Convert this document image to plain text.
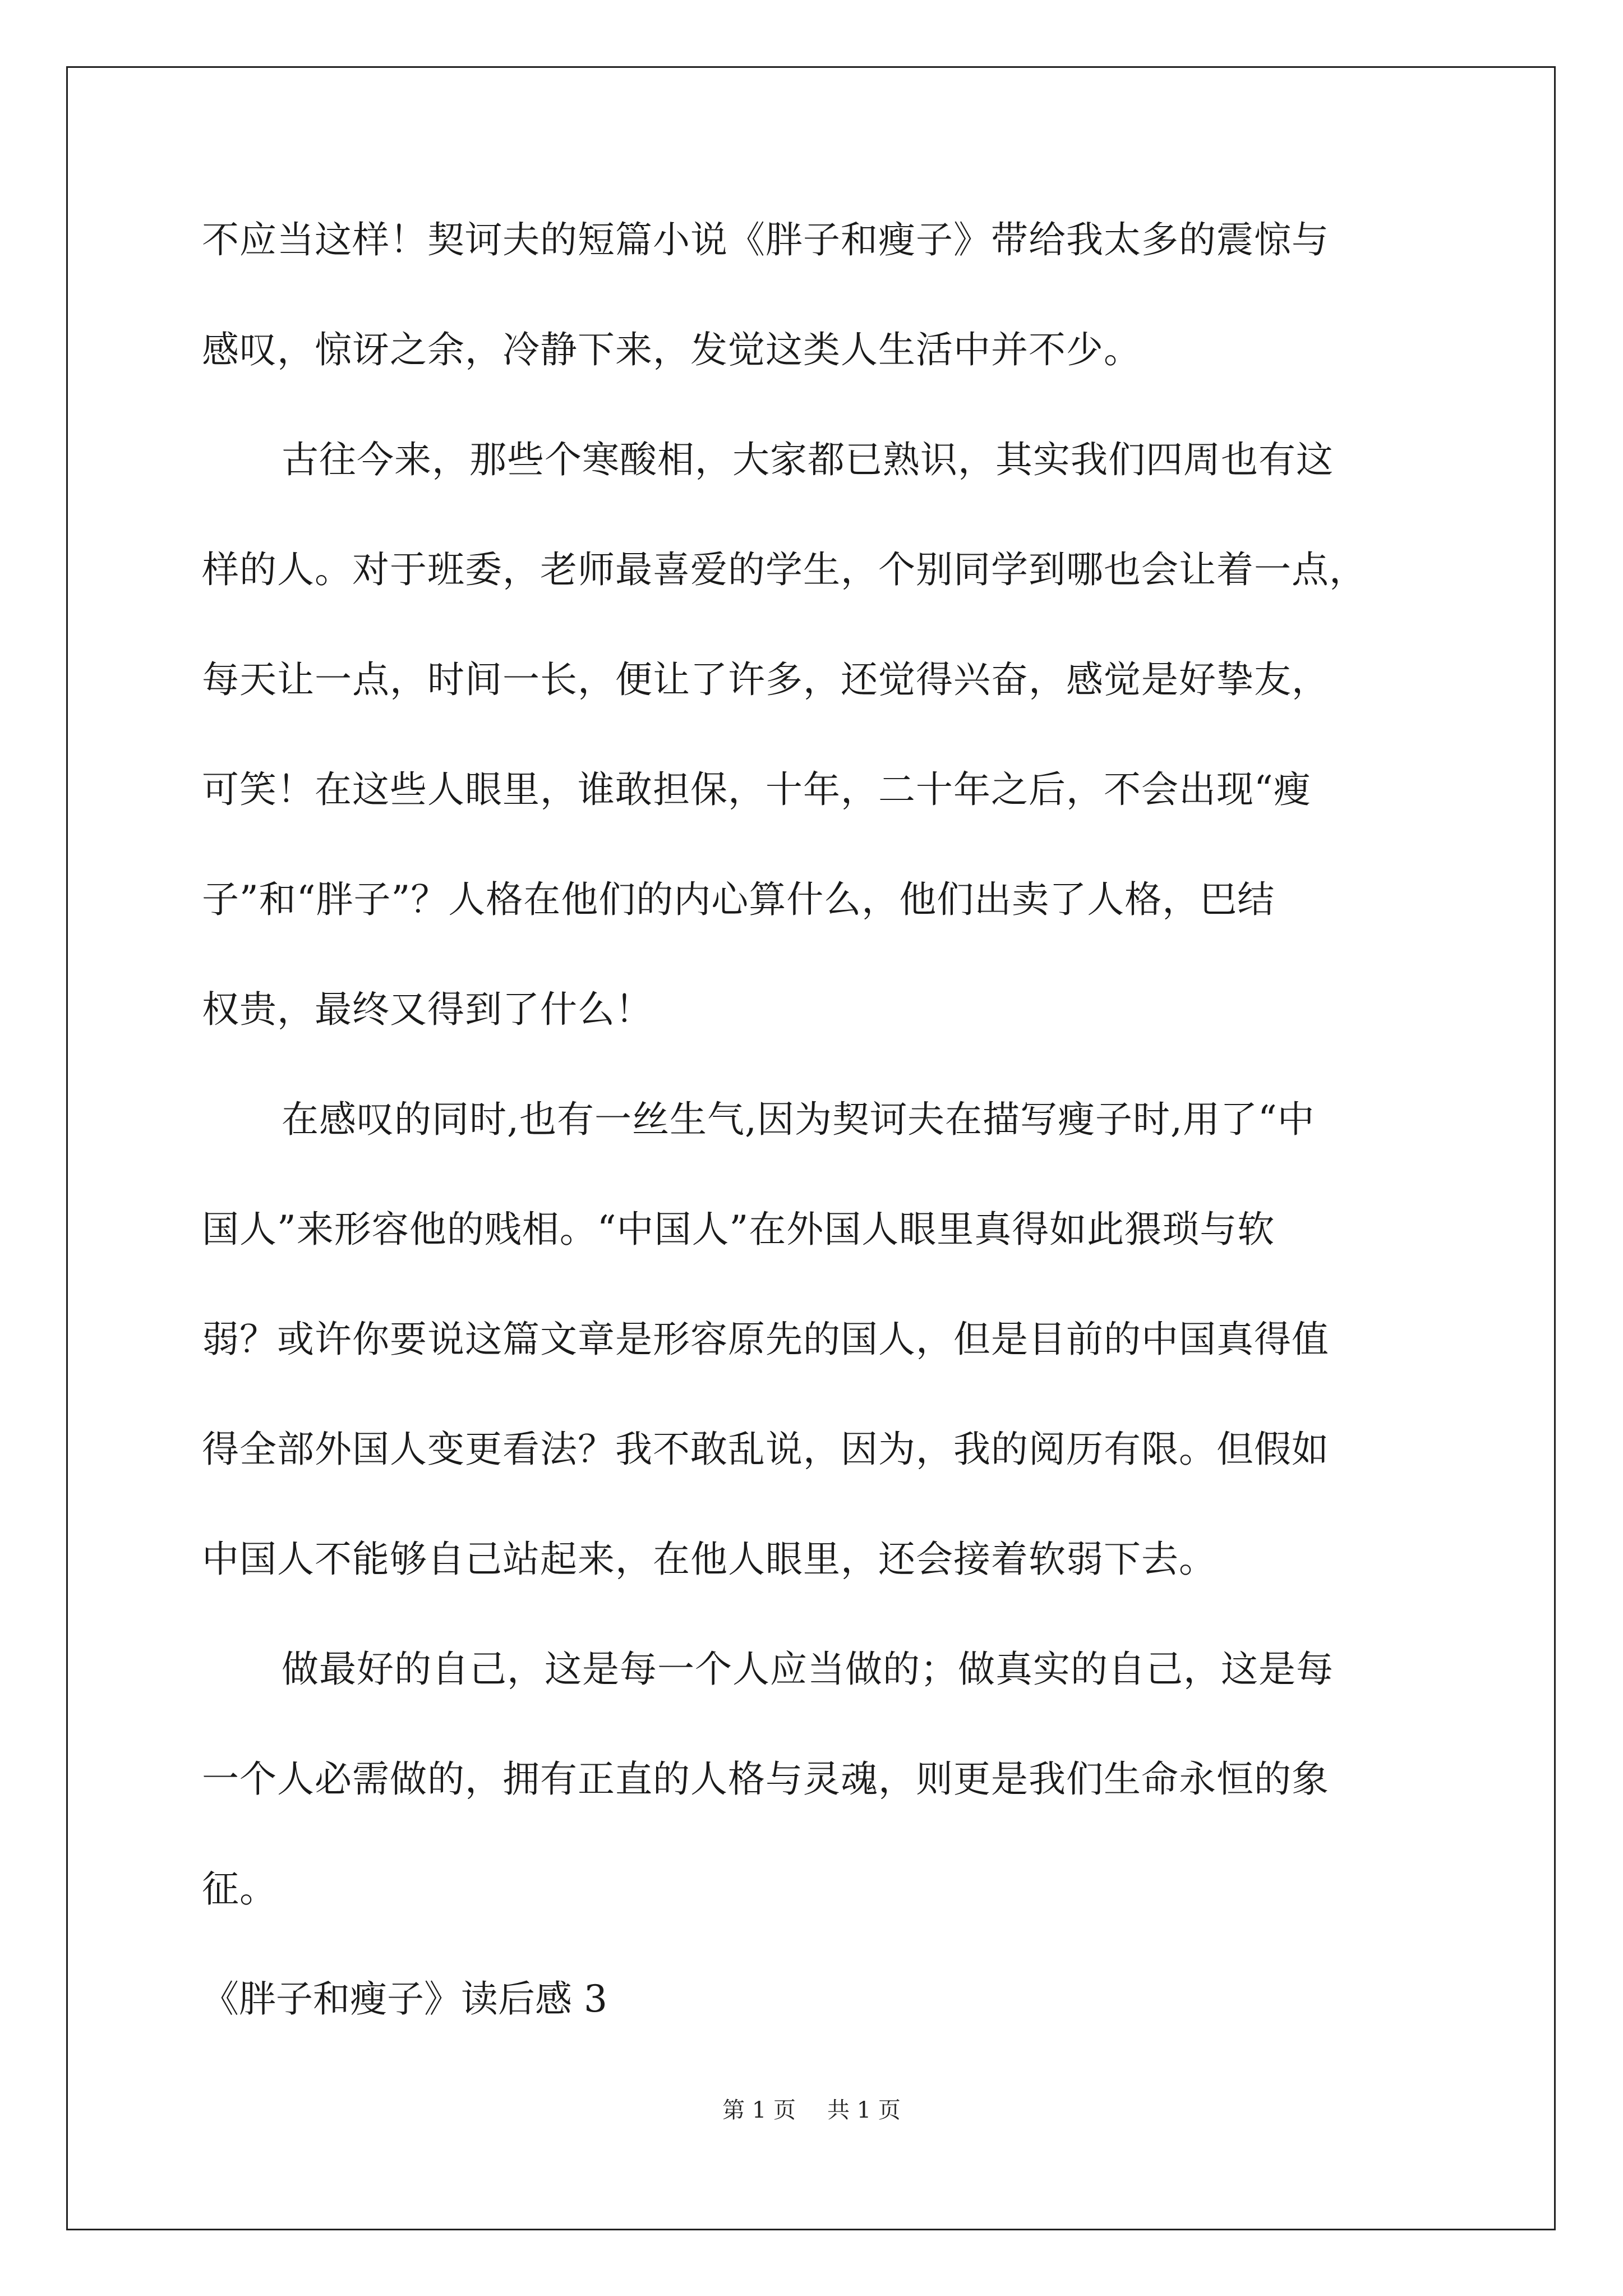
不应当这样！契诃夫的短篇小说《胖子和瘦子》带给我太多的震惊与
感叹，惊讶之余，冷静下来，发觉这类人生活中并不少。
古往今来，那些个寒酸相，大家都已熟识，其实我们四周也有这
样的人。对于班委，老师最喜爱的学生，个别同学到哪也会让着一点，
每天让一点，时间一长，便让了许多，还觉得兴奋，感觉是好挚友，
可笑！在这些人眼里，谁敢担保，十年，二十年之后，不会出现“瘦
子”和“胖子”？人格在他们的内心算什么，他们出卖了人格，巴结
权贵，最终又得到了什么！
在感叹的同时,也有一丝生气,因为契诃夫在描写瘦子时,用了“中
国人”来形容他的贱相。“中国人”在外国人眼里真得如此猥琐与软
弱？或许你要说这篇文章是形容原先的国人，但是目前的中国真得值
得全部外国人变更看法？我不敢乱说，因为，我的阅历有限。但假如
中国人不能够自己站起来，在他人眼里，还会接着软弱下去。
做最好的自己，这是每一个人应当做的；做真实的自己，这是每
一个人必需做的，拥有正直的人格与灵魂，则更是我们生命永恒的象
征。
《胖子和瘦子》读后感 3
第 1 页 共 1 页
